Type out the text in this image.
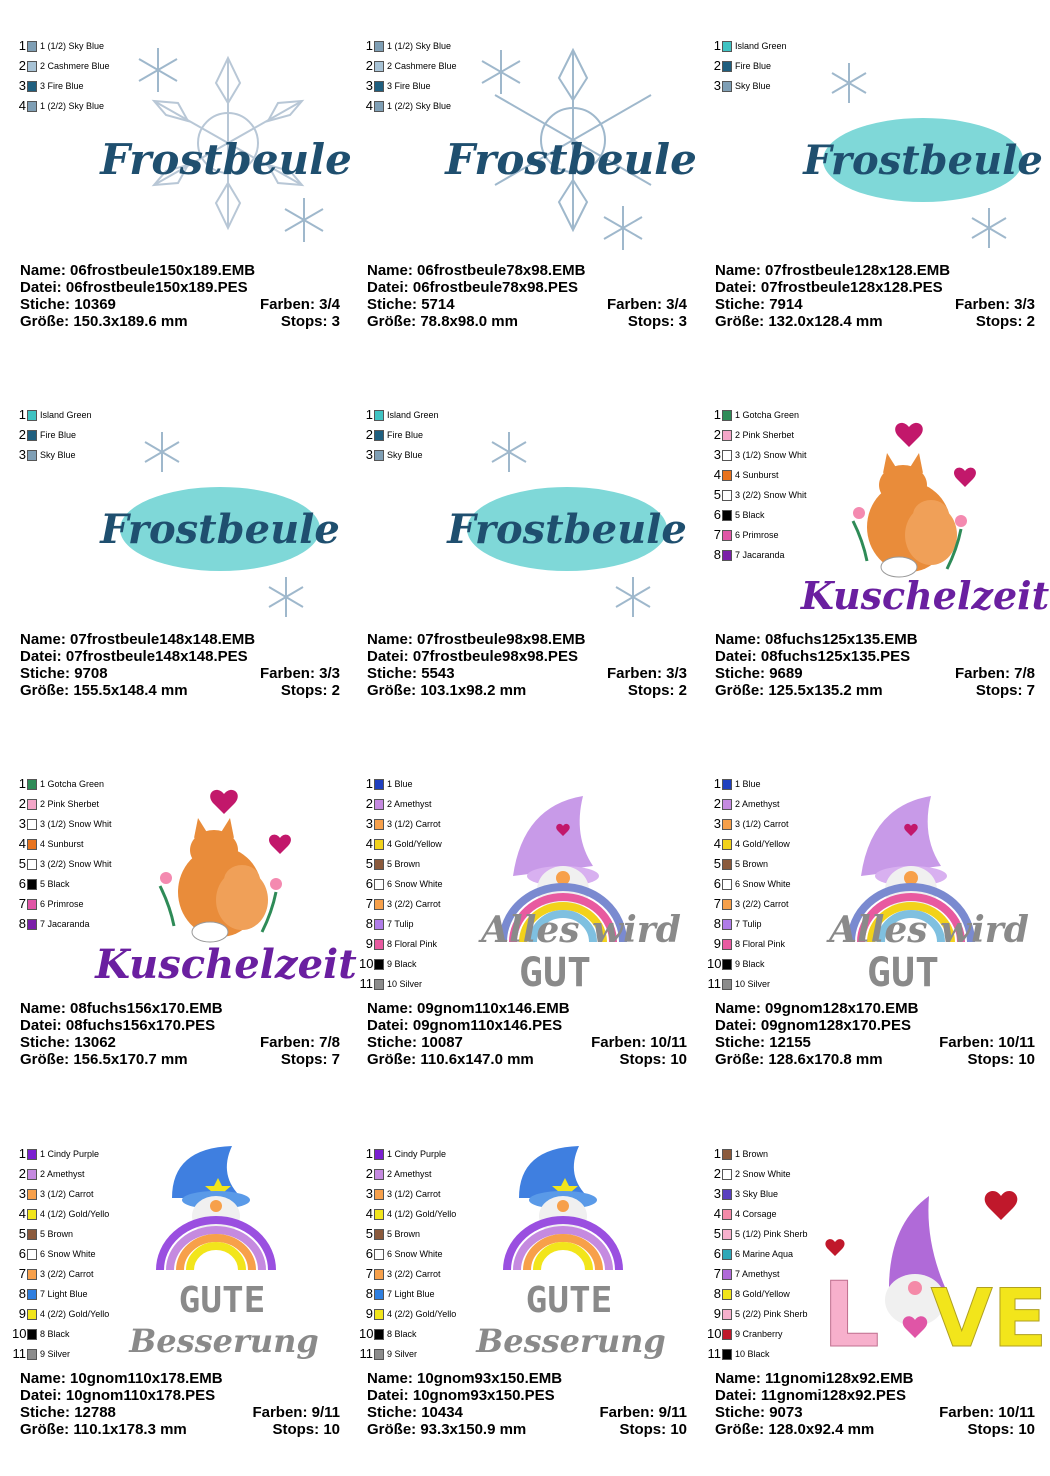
1 1 (1/2) Sky Blue
2 2 Cashmere Blue
3 3 Fire Blue
4 1 (2/2) Sky Blue
Frostbeule
Name: 06frostbeule150x189.EMB
Datei: 06frostbeule150x189.PES
Stiche: 10369	Farben: 3/4
Größe: 150.3x189.6 mm	Stops: 3
1 1 (1/2) Sky Blue
2 2 Cashmere Blue
3 3 Fire Blue
4 1 (2/2) Sky Blue
Frostbeule
Name: 06frostbeule78x98.EMB
Datei: 06frostbeule78x98.PES
Stiche: 5714	Farben: 3/4
Größe: 78.8x98.0 mm	Stops: 3
1 Island Green
2 Fire Blue
3 Sky Blue
Frostbeule
Name: 07frostbeule128x128.EMB
Datei: 07frostbeule128x128.PES
Stiche: 7914	Farben: 3/3
Größe: 132.0x128.4 mm	Stops: 2
1 Island Green
2 Fire Blue
3 Sky Blue
Frostbeule
Name: 07frostbeule148x148.EMB
Datei: 07frostbeule148x148.PES
Stiche: 9708	Farben: 3/3
Größe: 155.5x148.4 mm	Stops: 2
1 Island Green
2 Fire Blue
3 Sky Blue
Frostbeule
Name: 07frostbeule98x98.EMB
Datei: 07frostbeule98x98.PES
Stiche: 5543	Farben: 3/3
Größe: 103.1x98.2 mm	Stops: 2
1 1 Gotcha Green
2 2 Pink Sherbet
3 3 (1/2) Snow Whit
4 4 Sunburst
5 3 (2/2) Snow Whit
6 5 Black
7 6 Primrose
8 7 Jacaranda
Kuschelzeit
Name: 08fuchs125x135.EMB
Datei: 08fuchs125x135.PES
Stiche: 9689	Farben: 7/8
Größe: 125.5x135.2 mm	Stops: 7
1 1 Gotcha Green
2 2 Pink Sherbet
3 3 (1/2) Snow Whit
4 4 Sunburst
5 3 (2/2) Snow Whit
6 5 Black
7 6 Primrose
8 7 Jacaranda
Kuschelzeit
Name: 08fuchs156x170.EMB
Datei: 08fuchs156x170.PES
Stiche: 13062	Farben: 7/8
Größe: 156.5x170.7 mm	Stops: 7
1 1 Blue
2 2 Amethyst
3 3 (1/2) Carrot
4 4 Gold/Yellow
5 5 Brown
6 6 Snow White
7 3 (2/2) Carrot
8 7 Tulip
9 8 Floral Pink
10 9 Black
11 10 Silver
Alles wird
GUT
Name: 09gnom110x146.EMB
Datei: 09gnom110x146.PES
Stiche: 10087	Farben: 10/11
Größe: 110.6x147.0 mm	Stops: 10
1 1 Blue
2 2 Amethyst
3 3 (1/2) Carrot
4 4 Gold/Yellow
5 5 Brown
6 6 Snow White
7 3 (2/2) Carrot
8 7 Tulip
9 8 Floral Pink
10 9 Black
11 10 Silver
Alles wird
GUT
Name: 09gnom128x170.EMB
Datei: 09gnom128x170.PES
Stiche: 12155	Farben: 10/11
Größe: 128.6x170.8 mm	Stops: 10
1 1 Cindy Purple
2 2 Amethyst
3 3 (1/2) Carrot
4 4 (1/2) Gold/Yello
5 5 Brown
6 6 Snow White
7 3 (2/2) Carrot
8 7 Light Blue
9 4 (2/2) Gold/Yello
10 8 Black
11 9 Silver
GUTE
Besserung
Name: 10gnom110x178.EMB
Datei: 10gnom110x178.PES
Stiche: 12788	Farben: 9/11
Größe: 110.1x178.3 mm	Stops: 10
1 1 Cindy Purple
2 2 Amethyst
3 3 (1/2) Carrot
4 4 (1/2) Gold/Yello
5 5 Brown
6 6 Snow White
7 3 (2/2) Carrot
8 7 Light Blue
9 4 (2/2) Gold/Yello
10 8 Black
11 9 Silver
GUTE
Besserung
Name: 10gnom93x150.EMB
Datei: 10gnom93x150.PES
Stiche: 10434	Farben: 9/11
Größe: 93.3x150.9 mm	Stops: 10
1 1 Brown
2 2 Snow White
3 3 Sky Blue
4 4 Corsage
5 5 (1/2) Pink Sherb
6 6 Marine Aqua
7 7 Amethyst
8 8 Gold/Yellow
9 5 (2/2) Pink Sherb
10 9 Cranberry
11 10 Black L VE
Name: 11gnomi128x92.EMB
Datei: 11gnomi128x92.PES
Stiche: 9073	Farben: 10/11
Größe: 128.0x92.4 mm	Stops: 10
